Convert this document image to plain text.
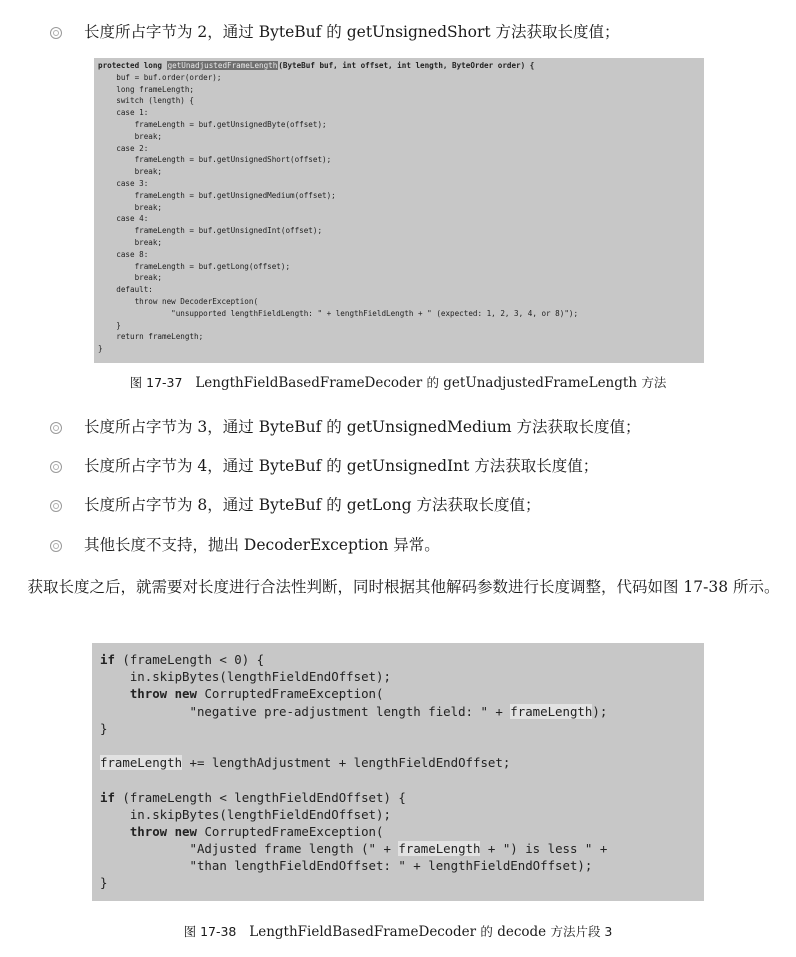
长度所占字节为 2，通过 ByteBuf 的 getUnsignedShort 方法获取长度值；
protected long getUnadjustedFrameLength(ByteBuf buf, int offset, int length, ByteOrder order) {
buf = buf.order(order);
long frameLength;
switch (length) {
case 1:
frameLength = buf.getUnsignedByte(offset);
break;
case 2:
frameLength = buf.getUnsignedShort(offset);
break;
case 3:
frameLength = buf.getUnsignedMedium(offset);
break;
case 4:
frameLength = buf.getUnsignedInt(offset);
break;
case 8:
frameLength = buf.getLong(offset);
break;
default:
throw new DecoderException(
"unsupported lengthFieldLength: " + lengthFieldLength + " (expected: 1, 2, 3, 4, or 8)");
}
return frameLength;
}
图 17-37 LengthFieldBasedFrameDecoder 的 getUnadjustedFrameLength 方法
长度所占字节为 3，通过 ByteBuf 的 getUnsignedMedium 方法获取长度值；
长度所占字节为 4，通过 ByteBuf 的 getUnsignedInt 方法获取长度值；
长度所占字节为 8，通过 ByteBuf 的 getLong 方法获取长度值；
其他长度不支持，抛出 DecoderException 异常。
　获取长度之后，就需要对长度进行合法性判断，同时根据其他解码参数进行长度调整，代码如图 17-38 所示。
if (frameLength < 0) {
in.skipBytes(lengthFieldEndOffset);
throw new CorruptedFrameException(
"negative pre-adjustment length field: " + frameLength);
}
frameLength += lengthAdjustment + lengthFieldEndOffset;
if (frameLength < lengthFieldEndOffset) {
in.skipBytes(lengthFieldEndOffset);
throw new CorruptedFrameException(
"Adjusted frame length (" + frameLength + ") is less " +
"than lengthFieldEndOffset: " + lengthFieldEndOffset);
}
图 17-38 LengthFieldBasedFrameDecoder 的 decode 方法片段 3
